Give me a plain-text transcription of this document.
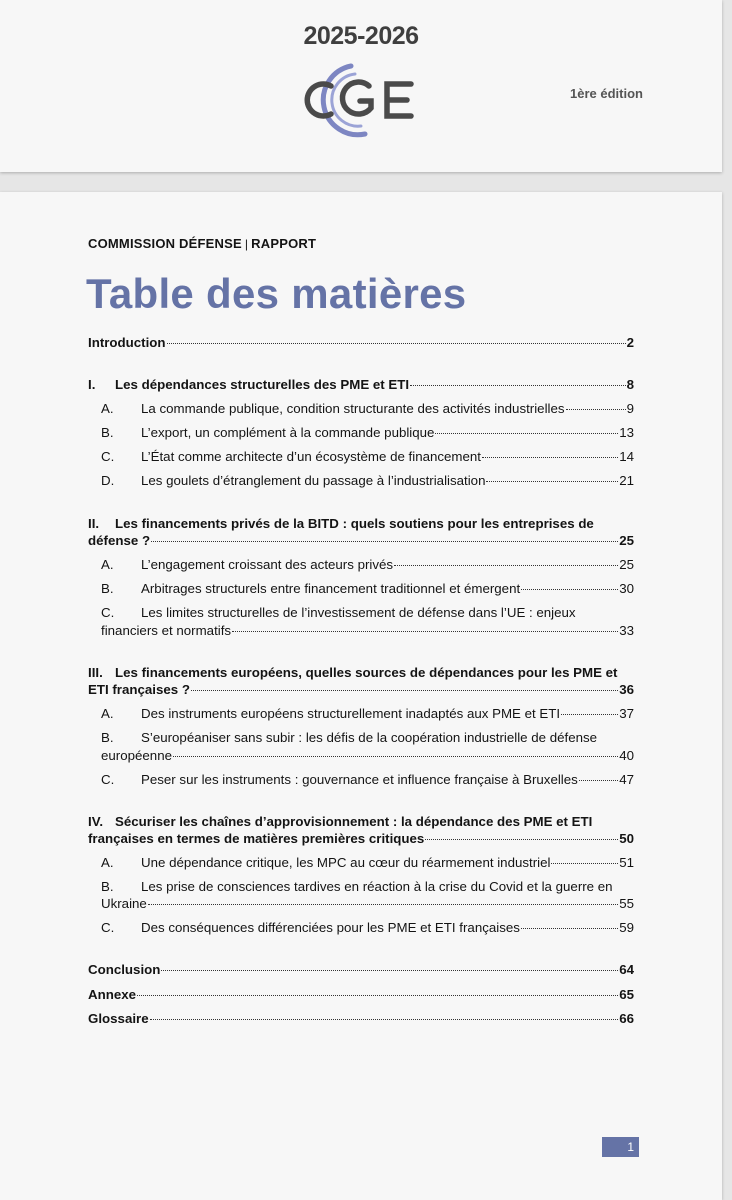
2025-2026
1ère édition
COMMISSION DÉFENSE | RAPPORT
Table des matières
Introduction	2
I.	Les dépendances structurelles des PME et ETI	8
A.	La commande publique, condition structurante des activités industrielles	9
B.	L’export, un complément à la commande publique	13
C.	L’État comme architecte d’un écosystème de financement	14
D.	Les goulets d’étranglement du passage à l’industrialisation	21
II. Les financements privés de la BITD : quels soutiens pour les entreprises de
défense ?	25
A.	L’engagement croissant des acteurs privés	25
B.	Arbitrages structurels entre financement traditionnel et émergent	30
C. Les limites structurelles de l’investissement de défense dans l’UE : enjeux
financiers et normatifs	33
III. Les financements européens, quelles sources de dépendances pour les PME et
ETI françaises ?	36
A.	Des instruments européens structurellement inadaptés aux PME et ETI	37
B. S’européaniser sans subir : les défis de la coopération industrielle de défense
européenne	40
C.	Peser sur les instruments : gouvernance et influence française à Bruxelles	47
IV. Sécuriser les chaînes d’approvisionnement : la dépendance des PME et ETI
françaises en termes de matières premières critiques	50
A.	Une dépendance critique, les MPC au cœur du réarmement industriel	51
B. Les prise de consciences tardives en réaction à la crise du Covid et la guerre en
Ukraine	55
C.	Des conséquences différenciées pour les PME et ETI françaises	59
Conclusion	64
Annexe	65
Glossaire	66
1
